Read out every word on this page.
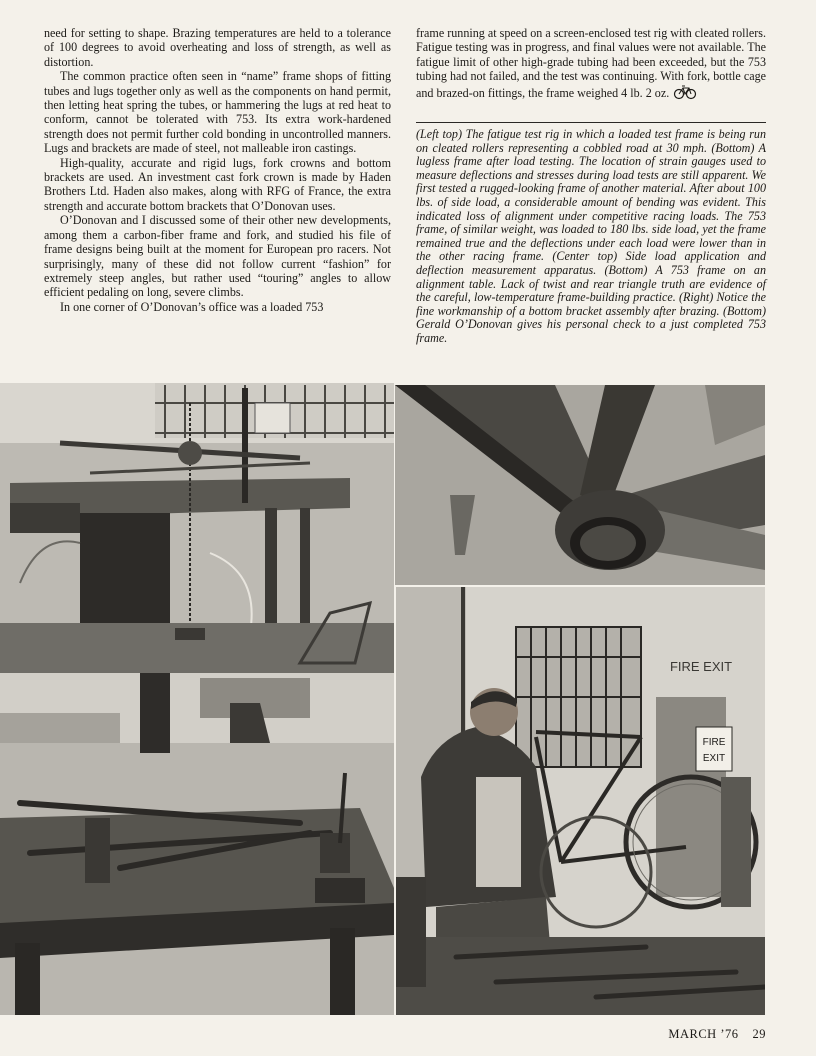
need for setting to shape. Brazing temperatures are held to a tolerance of 100 degrees to avoid overheating and loss of strength, as well as distortion.

The common practice often seen in “name” frame shops of fitting tubes and lugs together only as well as the components on hand permit, then letting heat spring the tubes, or hammering the lugs at red heat to conform, cannot be tolerated with 753. Its extra work-hardened strength does not permit further cold bonding in uncontrolled manners. Lugs and brackets are made of steel, not malleable iron castings.

High-quality, accurate and rigid lugs, fork crowns and bottom brackets are used. An investment cast fork crown is made by Haden Brothers Ltd. Haden also makes, along with RFG of France, the extra strength and accurate bottom brackets that O’Donovan uses.

O’Donovan and I discussed some of their other new developments, among them a carbon-fiber frame and fork, and studied his file of frame designs being built at the moment for European pro racers. Not surprisingly, many of these did not follow current “fashion” for extremely steep angles, but rather used “touring” angles to allow efficient pedaling on long, severe climbs.

In one corner of O’Donovan’s office was a loaded 753

frame running at speed on a screen-enclosed test rig with cleated rollers. Fatigue testing was in progress, and final values were not available. The fatigue limit of other high-grade tubing had been exceeded, but the 753 tubing had not failed, and the test was continuing. With fork, bottle cage and brazed-on fittings, the frame weighed 4 lb. 2 oz.

(Left top) The fatigue test rig in which a loaded test frame is being run on cleated rollers representing a cobbled road at 30 mph. (Bottom) A lugless frame after load testing. The location of strain gauges used to measure deflections and stresses during load tests are still apparent. We first tested a rugged-looking frame of another material. After about 100 lbs. of side load, a considerable amount of bending was evident. This indicated loss of alignment under competitive racing loads. The 753 frame, of similar weight, was loaded to 180 lbs. side load, yet the frame remained true and the deflections under each load were lower than in the other racing frame. (Center top) Side load application and deflection measurement apparatus. (Bottom) A 753 frame on an alignment table. Lack of twist and rear triangle truth are evidence of the careful, low-temperature frame-building practice. (Right) Notice the fine workmanship of a bottom bracket assembly after brazing. (Bottom) Gerald O’Donovan gives his personal check to a just completed 753 frame.
FIRE
EXIT
FIRE EXIT
MARCH ’76 29
